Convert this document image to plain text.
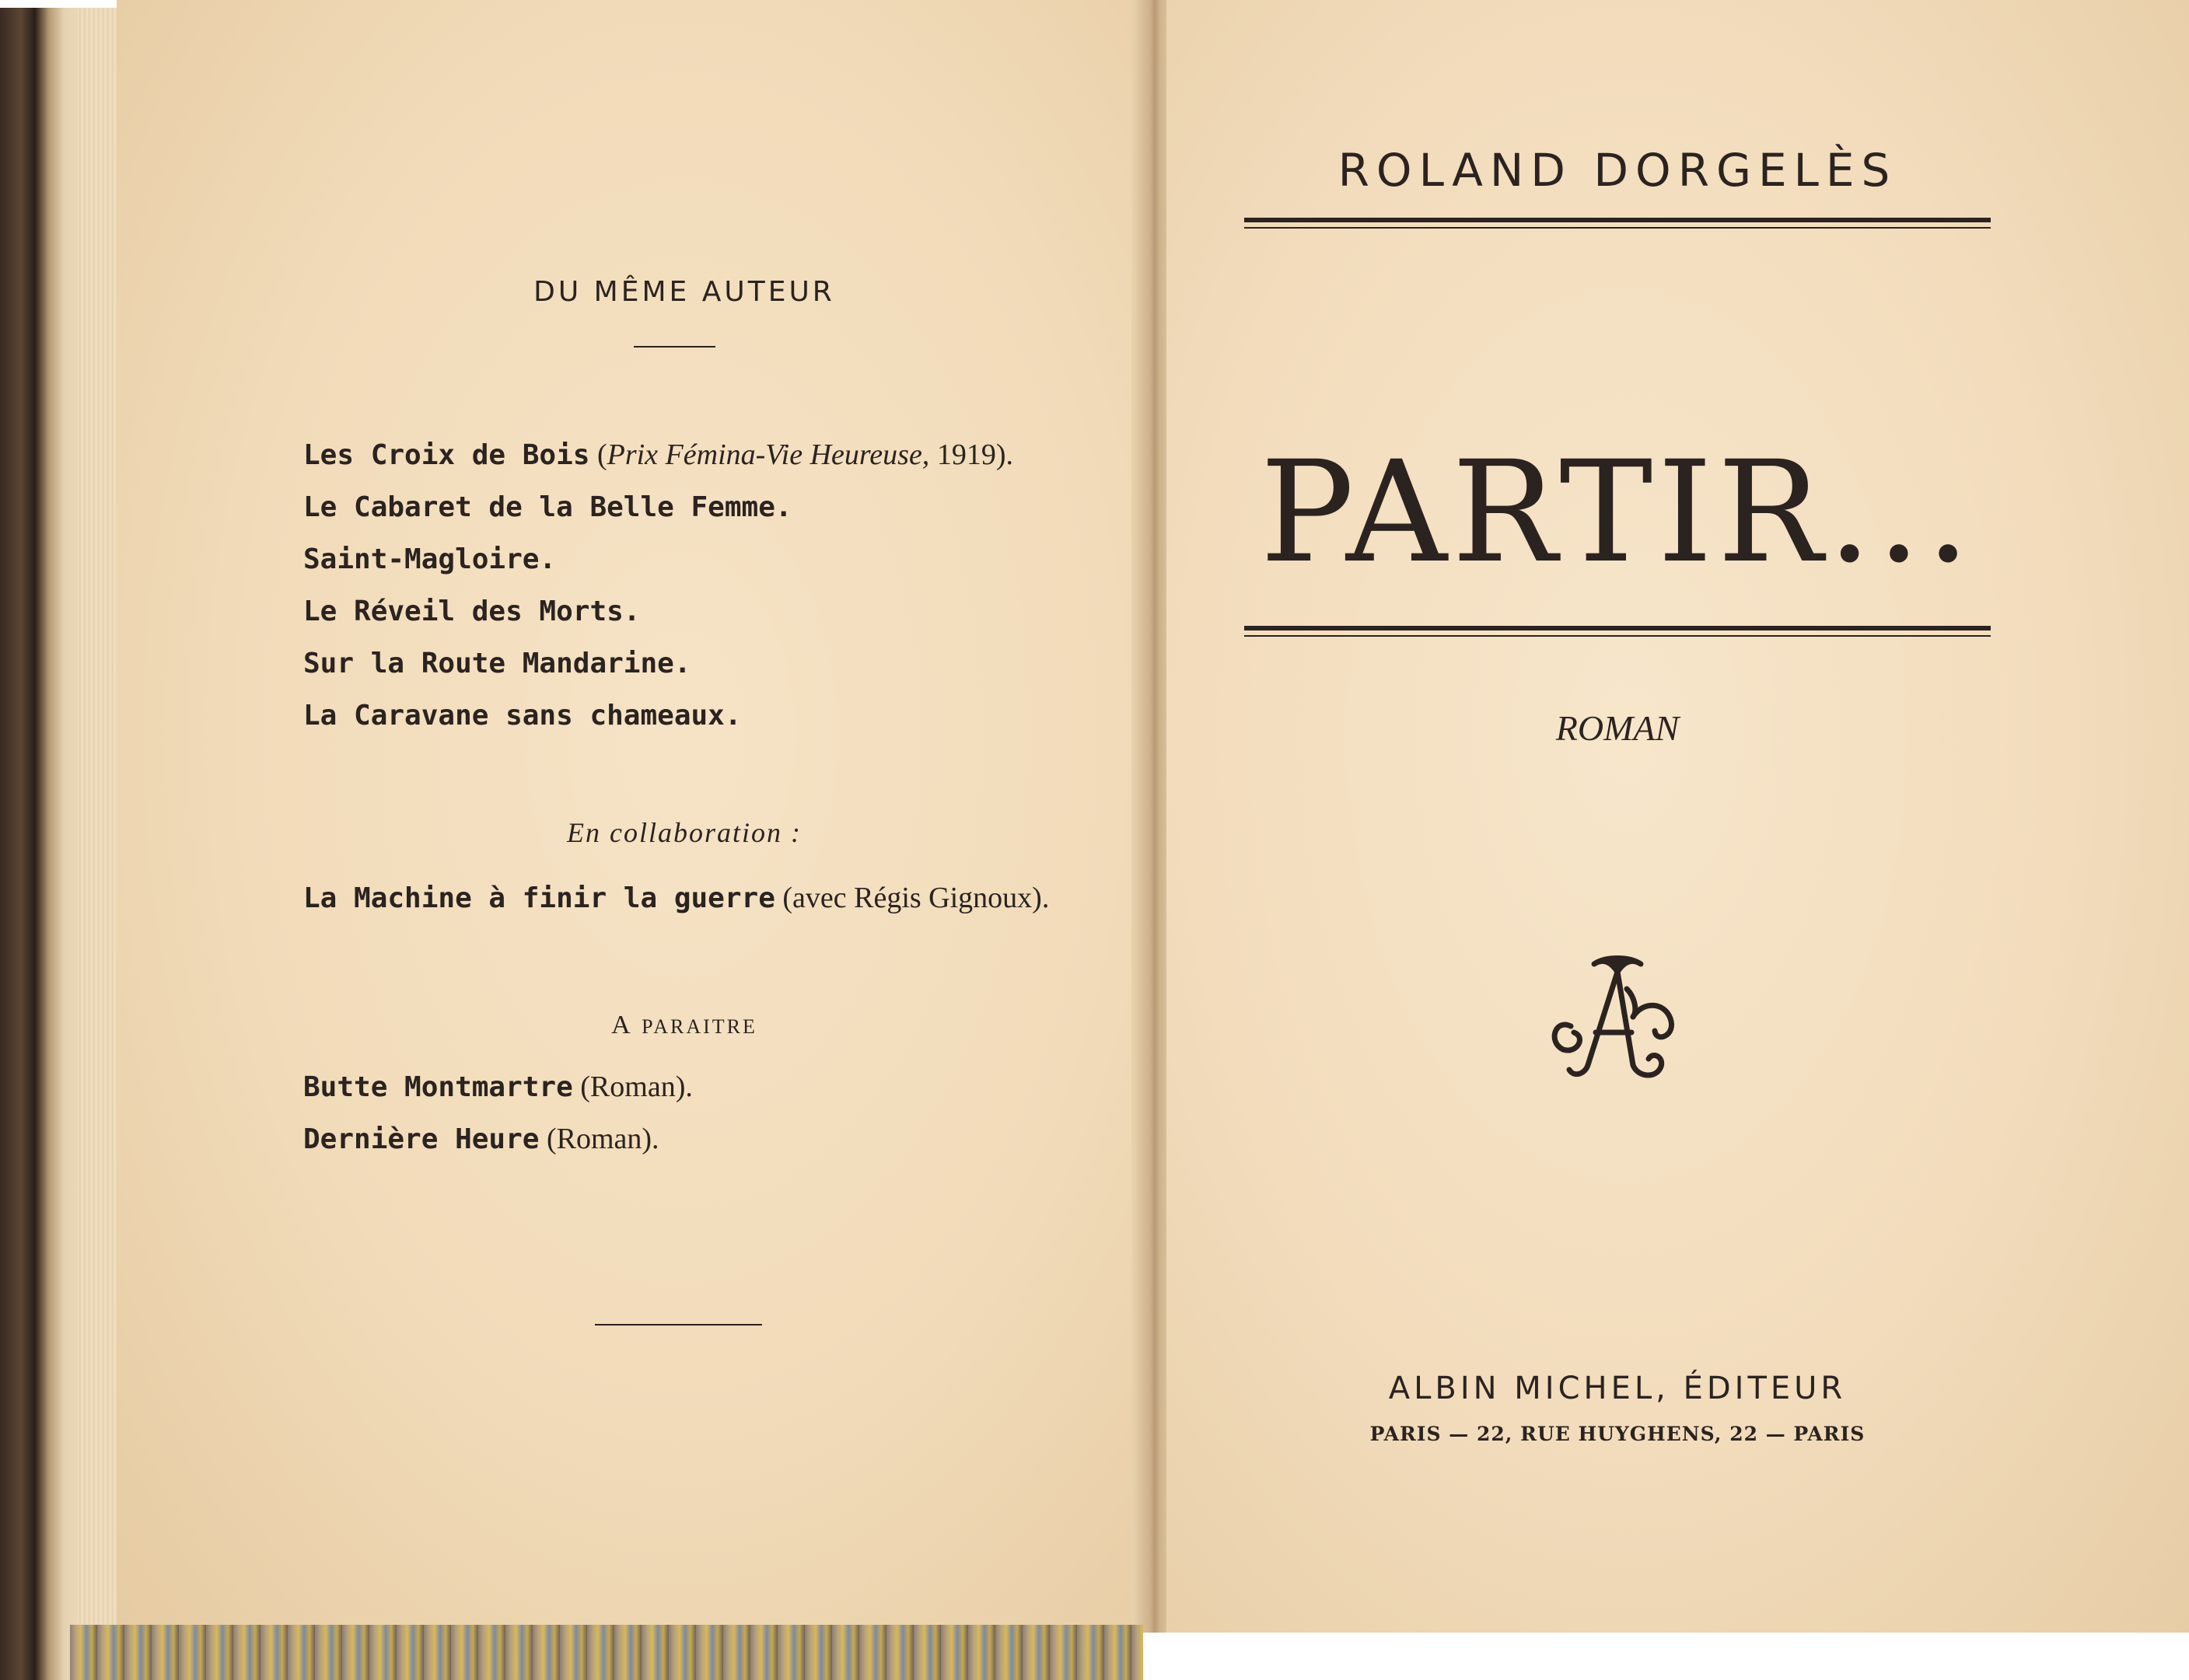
DU MÊME AUTEUR
Les Croix de Bois (Prix Fémina-Vie Heureuse, 1919).
Le Cabaret de la Belle Femme.
Saint-Magloire.
Le Réveil des Morts.
Sur la Route Mandarine.
La Caravane sans chameaux.
En collaboration :
La Machine à finir la guerre (avec Régis Gignoux).
A PARAITRE
Butte Montmartre (Roman).
Dernière Heure (Roman).
ROLAND DORGELÈS
PARTIR...
ROMAN
ALBIN MICHEL, ÉDITEUR
PARIS — 22, RUE HUYGHENS, 22 — PARIS
